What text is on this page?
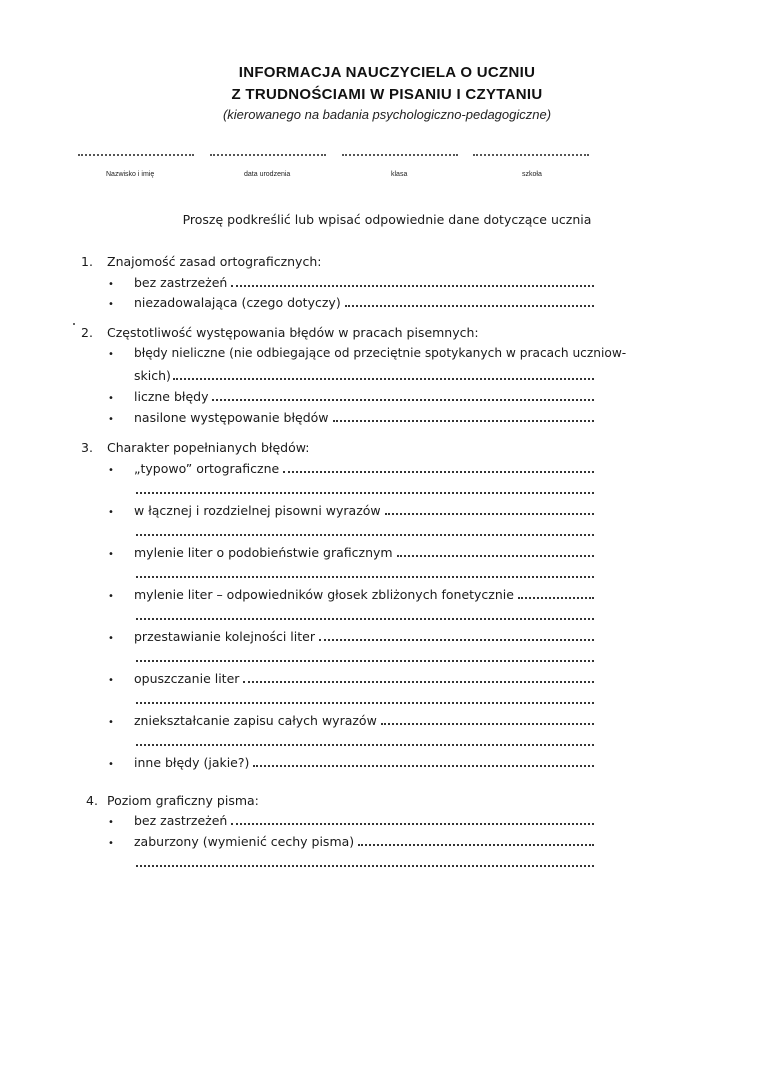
INFORMACJA NAUCZYCIELA O UCZNIU
Z TRUDNOŚCIAMI W PISANIU I CZYTANIU
(kierowanego na badania psychologiczno-pedagogiczne)
Nazwisko i imię	data urodzenia	klasa	szkoła
Proszę podkreślić lub wpisać odpowiednie dane dotyczące ucznia
1.	Znajomość zasad ortograficznych:
•	bez zastrzeżeń
•	niezadowalająca (czego dotyczy)
2.	Częstotliwość występowania błędów w pracach pisemnych:
•	błędy nieliczne (nie odbiegające od przeciętnie spotykanych w pracach uczniow-
skich)
•	liczne błędy
•	nasilone występowanie błędów
3.	Charakter popełnianych błędów:
•	„typowo” ortograficzne
•	w łącznej i rozdzielnej pisowni wyrazów
•	mylenie liter o podobieństwie graficznym
•	mylenie liter – odpowiedników głosek zbliżonych fonetycznie
•	przestawianie kolejności liter
•	opuszczanie liter
•	zniekształcanie zapisu całych wyrazów
•	inne błędy (jakie?)
4. Poziom graficzny pisma:
•	bez zastrzeżeń
•	zaburzony (wymienić cechy pisma)
